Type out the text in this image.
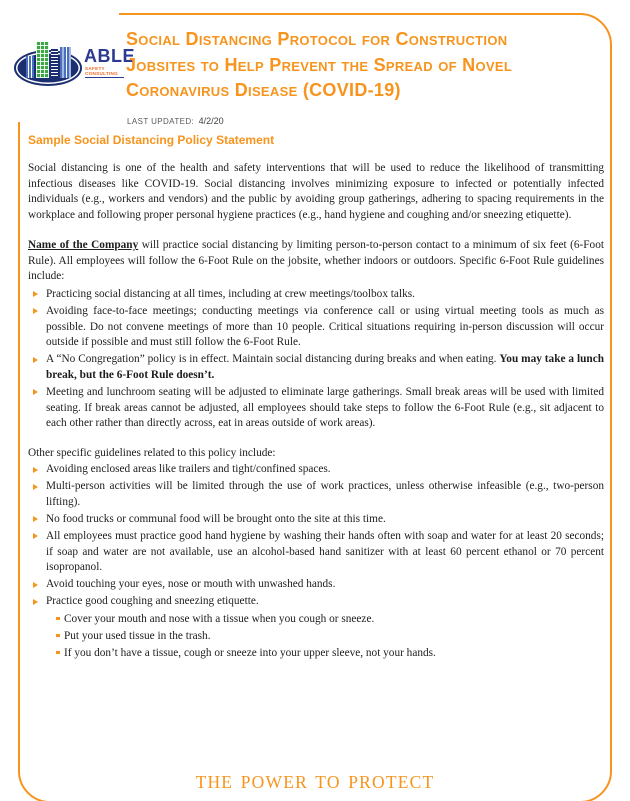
ABLE
SAFETY CONSULTING
Social Distancing Protocol for Construction
Jobsites to Help Prevent the Spread of Novel
Coronavirus Disease (COVID-19)
LAST UPDATED: 4/2/20
Sample Social Distancing Policy Statement

Social distancing is one of the health and safety interventions that will be used to reduce the likelihood of transmitting infectious diseases like COVID-19. Social distancing involves minimizing exposure to infected or potentially infected individuals (e.g., workers and vendors) and the public by avoiding group gatherings, adhering to spacing requirements in the workplace and following proper personal hygiene practices (e.g., hand hygiene and coughing and/or sneezing etiquette).

Name of the Company will practice social distancing by limiting person-to-person contact to a minimum of six feet (6-Foot Rule). All employees will follow the 6-Foot Rule on the jobsite, whether indoors or outdoors. Specific 6-Foot Rule guidelines include:

Practicing social distancing at all times, including at crew meetings/toolbox talks.
Avoiding face-to-face meetings; conducting meetings via conference call or using virtual meeting tools as much as possible. Do not convene meetings of more than 10 people. Critical situations requiring in-person discussion will occur outside if possible and must still follow the 6-Foot Rule.
A “No Congregation” policy is in effect. Maintain social distancing during breaks and when eating. You may take a lunch break, but the 6-Foot Rule doesn’t.
Meeting and lunchroom seating will be adjusted to eliminate large gatherings. Small break areas will be used with limited seating. If break areas cannot be adjusted, all employees should take steps to follow the 6-Foot Rule (e.g., sit adjacent to each other rather than directly across, eat in areas outside of work areas).

Other specific guidelines related to this policy include:

Avoiding enclosed areas like trailers and tight/confined spaces.
Multi-person activities will be limited through the use of work practices, unless otherwise infeasible (e.g., two-person lifting).
No food trucks or communal food will be brought onto the site at this time.
All employees must practice good hand hygiene by washing their hands often with soap and water for at least 20 seconds; if soap and water are not available, use an alcohol-based hand sanitizer with at least 60 percent ethanol or 70 percent isopropanol.
Avoid touching your eyes, nose or mouth with unwashed hands.
Practice good coughing and sneezing etiquette.
Cover your mouth and nose with a tissue when you cough or sneeze.
Put your used tissue in the trash.
If you don’t have a tissue, cough or sneeze into your upper sleeve, not your hands.
THE POWER TO PROTECT
